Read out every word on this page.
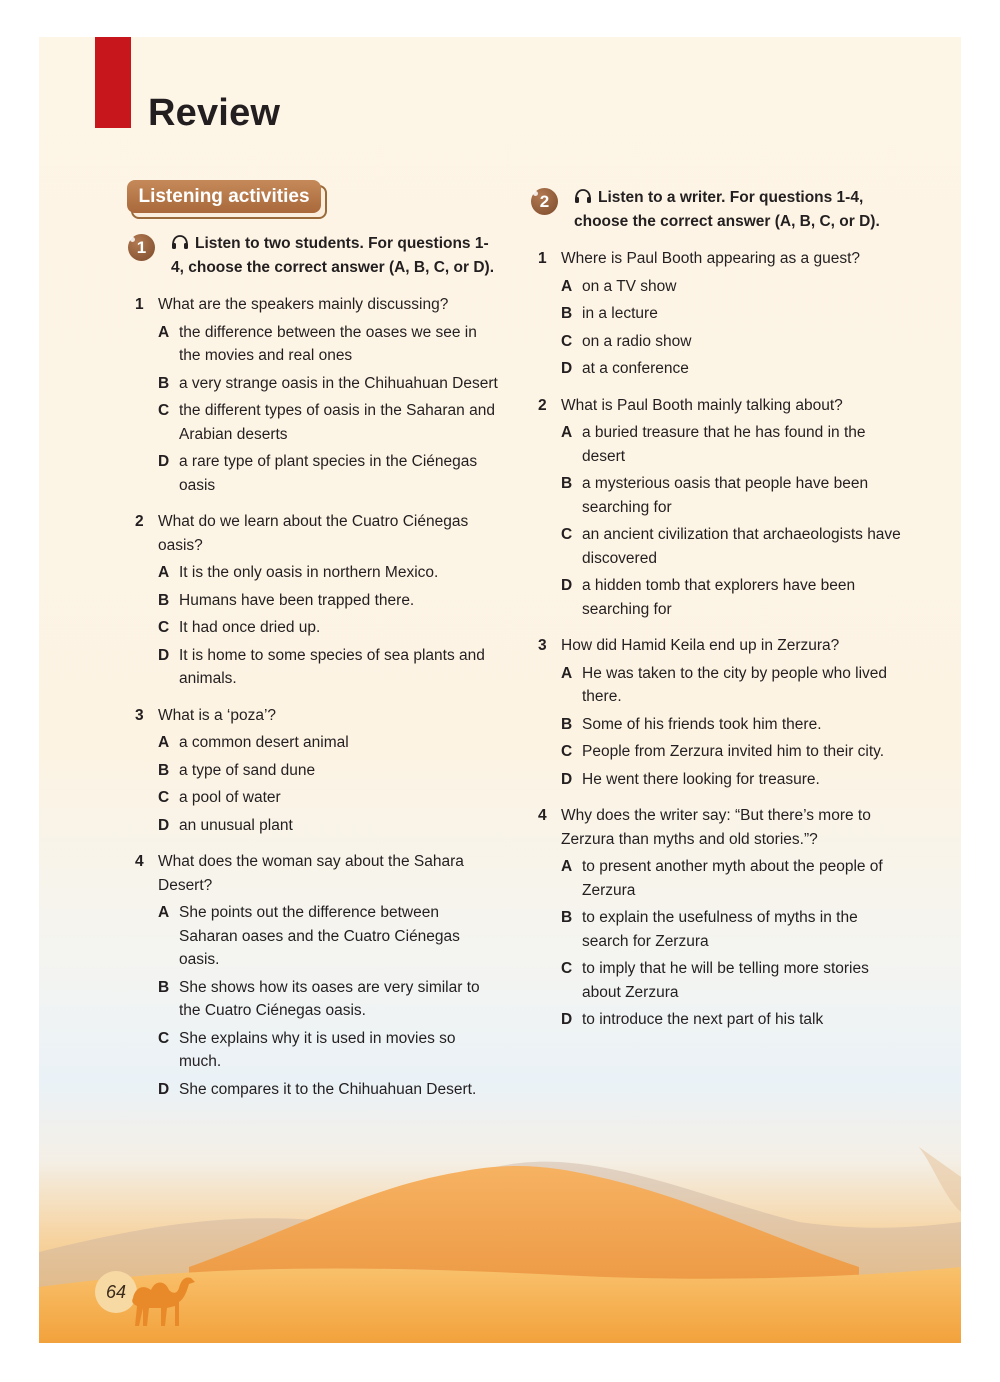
Review
Listening activities
1	Listen to two students. For questions 1-4, choose the correct answer (A, B, C, or D).
1 What are the speakers mainly discussing?
A the difference between the oases we see in the movies and real ones
B a very strange oasis in the Chihuahuan Desert
C the different types of oasis in the Saharan and Arabian deserts
D a rare type of plant species in the Ciénegas oasis
2 What do we learn about the Cuatro Ciénegas oasis?
A It is the only oasis in northern Mexico.
B Humans have been trapped there.
C It had once dried up.
D It is home to some species of sea plants and animals.
3 What is a ‘poza’?
A a common desert animal
B a type of sand dune
C a pool of water
D an unusual plant
4 What does the woman say about the Sahara Desert?
A She points out the difference between Saharan oases and the Cuatro Ciénegas oasis.
B She shows how its oases are very similar to the Cuatro Ciénegas oasis.
C She explains why it is used in movies so much.
D She compares it to the Chihuahuan Desert.
2	Listen to a writer. For questions 1-4, choose the correct answer (A, B, C, or D).
1 Where is Paul Booth appearing as a guest?
A on a TV show
B in a lecture
C on a radio show
D at a conference
2 What is Paul Booth mainly talking about?
A a buried treasure that he has found in the desert
B a mysterious oasis that people have been searching for
C an ancient civilization that archaeologists have discovered
D a hidden tomb that explorers have been searching for
3 How did Hamid Keila end up in Zerzura?
A He was taken to the city by people who lived there.
B Some of his friends took him there.
C People from Zerzura invited him to their city.
D He went there looking for treasure.
4 Why does the writer say: “But there’s more to Zerzura than myths and old stories.”?
A to present another myth about the people of Zerzura
B to explain the usefulness of myths in the search for Zerzura
C to imply that he will be telling more stories about Zerzura
D to introduce the next part of his talk
64
